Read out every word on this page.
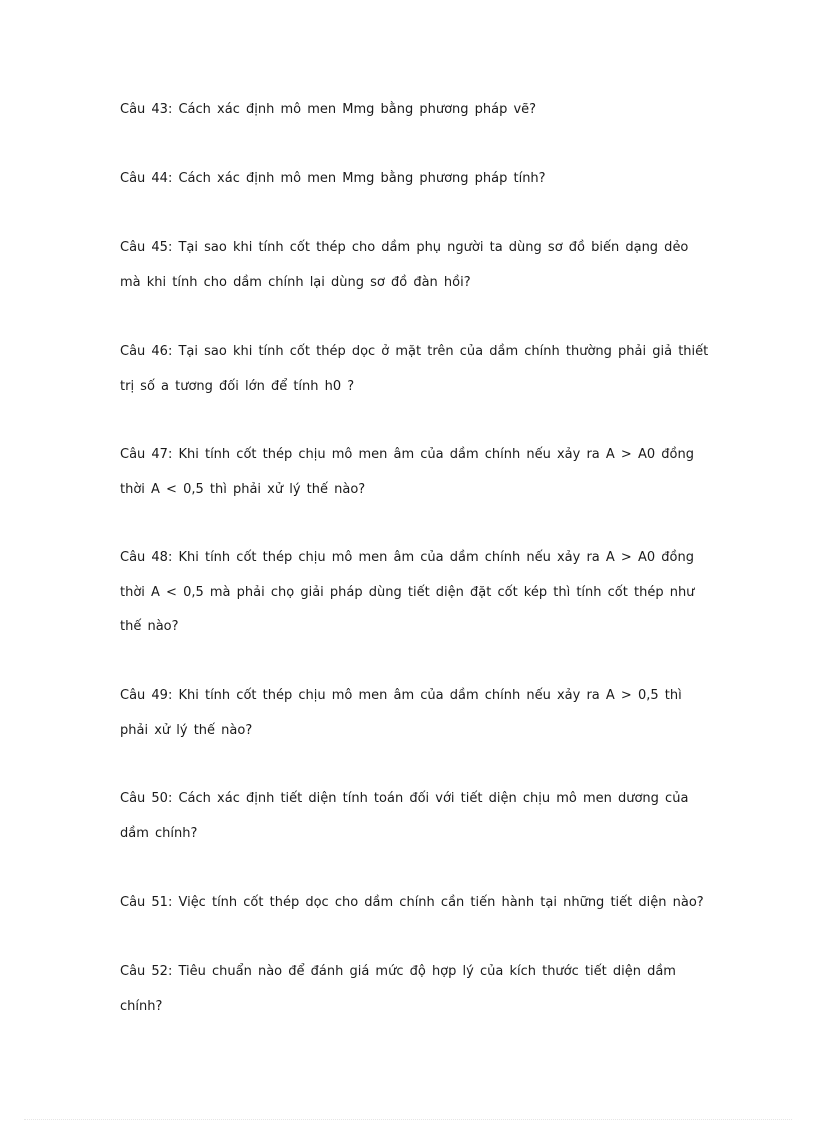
Câu 43: Cách xác định mô men Mmg bằng phương pháp vẽ?

Câu 44: Cách xác định mô men Mmg bằng phương pháp tính?

Câu 45: Tại sao khi tính cốt thép cho dầm phụ người ta dùng sơ đồ biến dạng dẻo mà khi tính cho dầm chính lại dùng sơ đồ đàn hồi?

Câu 46: Tại sao khi tính cốt thép dọc ở mặt trên của dầm chính thường phải giả thiết trị số a tương đối lớn để tính h0 ?

Câu 47: Khi tính cốt thép chịu mô men âm của dầm chính nếu xảy ra A > A0 đồng thời A < 0,5 thì phải xử lý thế nào?

Câu 48: Khi tính cốt thép chịu mô men âm của dầm chính nếu xảy ra A > A0 đồng thời A < 0,5 mà phải chọ giải pháp dùng tiết diện đặt cốt kép thì tính cốt thép như thế nào?

Câu 49: Khi tính cốt thép chịu mô men âm của dầm chính nếu xảy ra A > 0,5 thì phải xử lý thế nào?

Câu 50: Cách xác định tiết diện tính toán đối với tiết diện chịu mô men dương của dầm chính?

Câu 51: Việc tính cốt thép dọc cho dầm chính cần tiến hành tại những tiết diện nào?

Câu 52: Tiêu chuẩn nào để đánh giá mức độ hợp lý của kích thước tiết diện dầm chính?
